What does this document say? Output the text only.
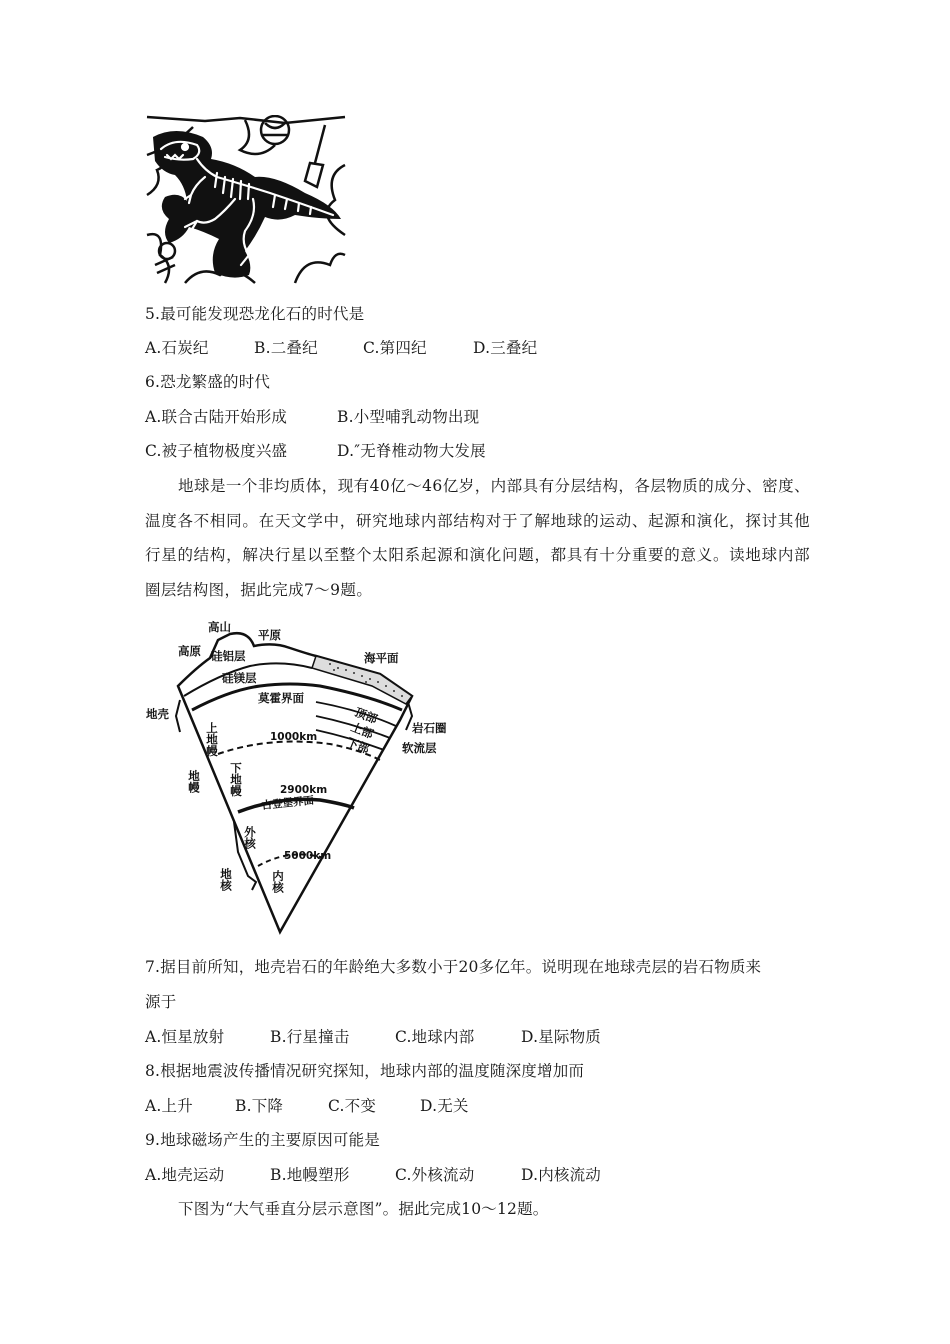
5.最可能发现恐龙化石的时代是
A.石炭纪	B.二叠纪	C.第四纪	D.三叠纪
6.恐龙繁盛的时代
A.联合古陆开始形成	B.小型哺乳动物出现
C.被子植物极度兴盛	D.″无脊椎动物大发展
地球是一个非均质体，现有40亿～46亿岁，内部具有分层结构，各层物质的成分、密度、温度各不相同。在天文学中，研究地球内部结构对于了解地球的运动、起源和演化，探讨其他行星的结构，解决行星以至整个太阳系起源和演化问题，都具有十分重要的意义。读地球内部圈层结构图，据此完成7～9题。
高山
平原
高原 硅铝层
硅镁层
海平面
莫霍界面
地壳	顶部
上部
下部
岩石圈
软流层
上地幔	1000km
下地幔
地幔	2900km
古登堡界面
外核
5000km
内核
地核
7.据目前所知，地壳岩石的年龄绝大多数小于20多亿年。说明现在地球壳层的岩石物质来
源于
A.恒星放射	B.行星撞击	C.地球内部	D.星际物质
8.根据地震波传播情况研究探知，地球内部的温度随深度增加而
A.上升	B.下降	C.不变	D.无关
9.地球磁场产生的主要原因可能是
A.地壳运动	B.地幔塑形	C.外核流动	D.内核流动
下图为“大气垂直分层示意图”。据此完成10～12题。
